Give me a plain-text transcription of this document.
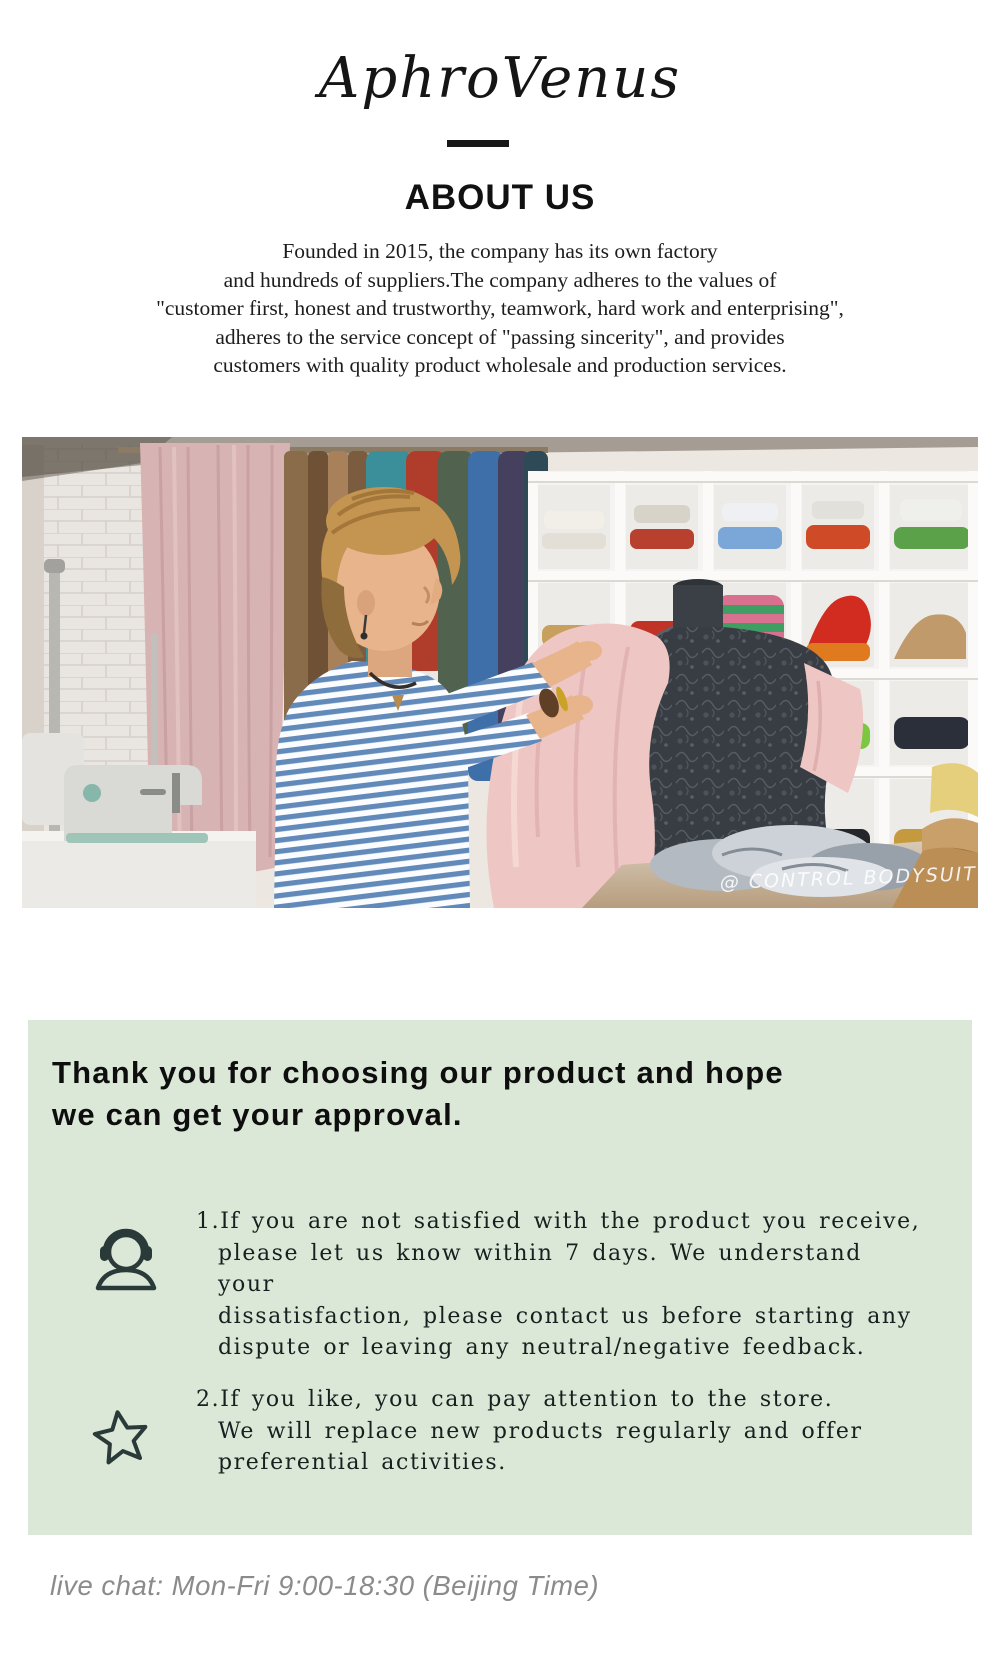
AphroVenus
ABOUT US
Founded in 2015, the company has its own factory
and hundreds of suppliers.The company adheres to the values of
"customer first, honest and trustworthy, teamwork, hard work and enterprising",
adheres to the service concept of "passing sincerity", and provides
customers with quality product wholesale and production services.
@ CONTROL BODYSUIT
Thank you for choosing our product and hope
we can get your approval.
1.If you are not satisfied with the product you receive,
please let us know within 7 days. We understand your
dissatisfaction, please contact us before starting any
dispute or leaving any neutral/negative feedback.
2.If you like, you can pay attention to the store.
We will replace new products regularly and offer
preferential activities.
live chat: Mon-Fri 9:00-18:30 (Beijing Time)
